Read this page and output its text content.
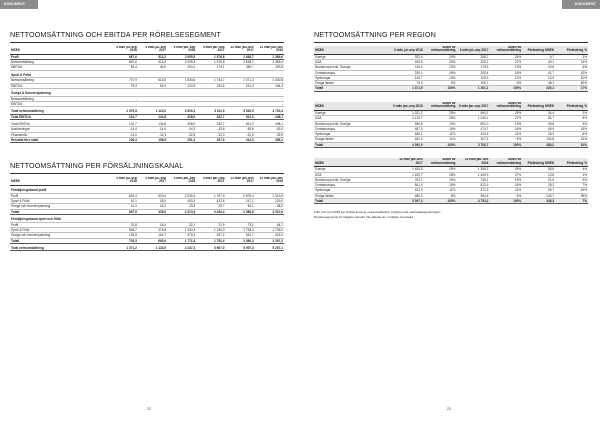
DOKUMENT	DOKUMENT
NETTOOMSÄTTNING OCH EBITDA PER RÖRELSESEGMENT
MSEK	3 mån jul–sep 2018	3 mån jul–sep 2017	9 mån jan–sep 2018	9 mån jan–sep 2017	12 mån jan–dec 2017	12 mån jan–dec 2016
Profil	667,6	513,2	2 095,5	1 576,8	2 648,7	2 389,6
Nettoomsättning	667,6	513,2	2 095,5	1 576,8	2 648,7	2 389,6
EBITDA	53,4	40,9	204,1	179,1	289,7	253,8
Sport & Fritid						
Nettoomsättning	707,9	610,8	1 833,6	1 734,7	2 371,3	2 330,8
EBITDA	78,3	93,9	123,9	153,6	231,3	194,3
Övriga & Koncernjustering						
Nettoomsättning	-	-	-	-	-	-
EBITDA	-	-	-	-	-	-

Total nettoomsättning	1 375,5	1 124,0	3 929,1	3 311,5	5 020,0	4 720,4
Total EBITDA	131,7	134,8	328,0	332,7	521,0	448,1

Total EBITDA	131,7	134,8	328,0	332,7	521,0	448,1
Avskrivningar	-14,4	-14,6	-44,3	-43,6	-55,8	-52,0
Finansnetto	-11,0	-11,3	-32,5	-31,0	-51,9	-39,9
Resultat före skatt	106,3	108,9	251,2	257,9	413,3	356,2
NETTOOMSÄTTNING PER FÖRSÄLJNINGSKANAL
MSEK	3 mån jul–sep 2018	3 mån jul–sep 2017	9 mån jan–sep 2018	9 mån jan–sep 2017	12 mån jan–dec 2017	12 mån jan–dec 2016
Försäljningskanal profil						
Profil	642,4	503,4	2 039,4	1 707,9	2 575,4	2 313,9
Sport & Fritid	10,1	18,0	493,2	422,8	247,1	229,0
Övriga och koncernjustering	14,9	16,3	33,8	25,7	66,1	68,2
Totalt	667,9	439,0	2 374,4	2 434,4	2 366,8	2 910,6
Försäljningskanal sport och fritid						
Profil	21,8	16,4	52,1	21,9	73,1	64,7
Sport & Fritid	545,7	476,8	1 334,4	1 230,0	1 738,4	1 705,0
Övriga och koncernjustering	135,8	164,7	379,3	397,2	532,7	523,2
Totalt	703,3	663,0	1 771,8	1 752,4	2 380,3	2 297,2

Total nettoomsättning	1 371,2	1 123,0	4 147,2	3 967,0	5 097,3	5 207,1
NETTOOMSÄTTNING PER REGION
MSEK	3 mån jul–sep 2018	Andel av nettoomsättning	3 mån jul–sep 2017	Andel av nettoomsättning	Förändring MSEK	Förändring %
Sverige	332,4	24%	265,7	24%	6,7	3%
USA	409,6	30%	325,2	27%	49,1	14%
Nordeuropa exkl. Sverige	116,0	13%	179,3	13%	10,6	6%
Centraleuropa	230,1	18%	200,4	18%	41,7	20%
Sydeuropa	149,7	10%	125,9	10%	10,9	10%
Övriga länder	79,0	5%	105,7	5%	48,1	60%
Totalt	1 371,5	100%	1 201,1	100%	220,1	17%
MSEK	9 mån jan–sep 2018	Andel av nettoomsättning	9 mån jan–sep 2017	Andel av nettoomsättning	Förändring MSEK	Förändring %
Sverige	1 021,2	25%	984,1	25%	34,4	3%
USA	1 120,7	28%	1 045,1	27%	84,7	8%
Nordeuropa exkl. Sverige	550,6	13%	501,0	13%	49,8	9%
Centraleuropa	487,0	16%	474,7	16%	69,9	15%
Sydeuropa	450,1	11%	424,9	11%	25,2	6%
Övriga länder	462,2	11%	327,2	8%	134,8	42%
Totalt	4 092,0	100%	3 760,7	100%	380,2	10%
MSEK	12 mån jan–dec 2017	Andel av nettoomsättning	12 mån jan–dec 2016	Andel av nettoomsättning	Förändring MSEK	Förändring %
Sverige	1 453,8	28%	1 395,2	28%	58,6	4%
USA	1 420,7	28%	1 409,9	27%	10,8	1%
Nordeuropa exkl. Sverige	752,7	15%	739,1	15%	21,5	3%
Centraleuropa	841,0	16%	812,9	16%	28,2	7%
Sydeuropa	431,0	11%	371,3	11%	59,7	16%
Övriga länder	480,2	8%	354,5	8%	125,7	35%
Totalt	5 097,3	100%	4 753,2	100%	345,3	7%
Från och med 2018 per kvartal kommer nettoomsättning i enlighet med marknadsuppdelningen.
Rörelsesegmentet för tidigare perioder har räknats om i enlighet med detta.
22	23
